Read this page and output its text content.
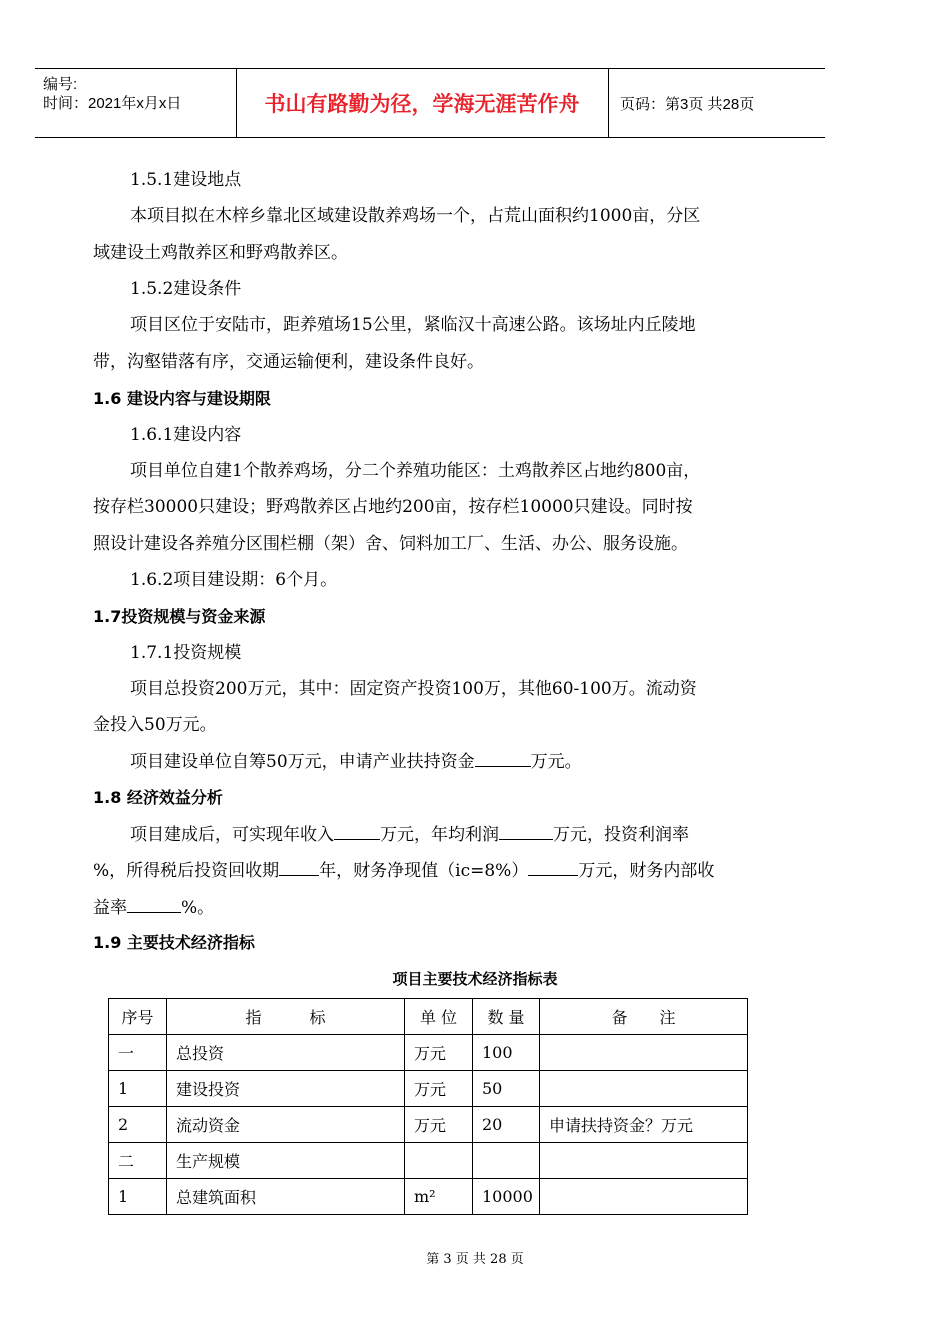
编号:
时间：2021年x月x日	书山有路勤为径，学海无涯苦作舟	页码：第3页 共28页
1.5.1建设地点
本项目拟在木梓乡靠北区域建设散养鸡场一个，占荒山面积约1000亩，分区
域建设土鸡散养区和野鸡散养区。
1.5.2建设条件
项目区位于安陆市，距养殖场15公里，紧临汉十高速公路。该场址内丘陵地
带，沟壑错落有序，交通运输便利，建设条件良好。
1.6 建设内容与建设期限
1.6.1建设内容
项目单位自建1个散养鸡场，分二个养殖功能区：土鸡散养区占地约800亩，
按存栏30000只建设；野鸡散养区占地约200亩，按存栏10000只建设。同时按
照设计建设各养殖分区围栏棚（架）舍、饲料加工厂、生活、办公、服务设施。
1.6.2项目建设期：6个月。
1.7投资规模与资金来源
1.7.1投资规模
项目总投资200万元，其中：固定资产投资100万，其他60-100万。流动资
金投入50万元。
项目建设单位自筹50万元，申请产业扶持资金	万元。
1.8 经济效益分析
项目建成后，可实现年收入	万元，年均利润	万元，投资利润率
%，所得税后投资回收期 年，财务净现值（ic=8%）	万元，财务内部收
益率	%。
1.9 主要技术经济指标
项目主要技术经济指标表
序号	指　　　标	单 位	数 量	备　　注
一	总投资	万元	100	
1	建设投资	万元	50	
2	流动资金	万元	20	申请扶持资金？万元
二	生产规模			
1	总建筑面积	m²	10000	
第 3 页 共 28 页
